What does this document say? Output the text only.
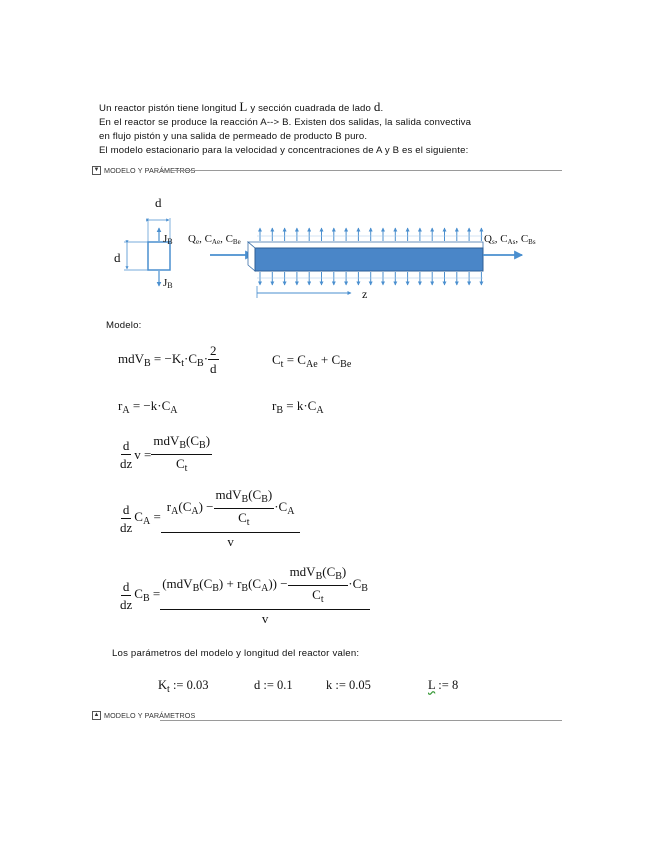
Un reactor pistón tiene longitud L y sección cuadrada de lado d.
En el reactor se produce la reacción A--> B. Existen dos salidas, la salida convectiva
en flujo pistón y una salida de permeado de producto B puro.
El modelo estacionario para la velocidad y concentraciones de A y B es el siguiente:
▼ MODELO Y PARÁMETROS
d
d
JB
JB
Qe, CAe, CBe	Qs, CAs, CBs
z
Modelo:
$mdV_B = -K_t\cdot C_B\cdot \frac{2}{d}$	$C_t = C_{Ae} + C_{Be}$
$r_A = -k\cdot C_A$	$r_B = k\cdot C_A$
$\frac{d}{dz}$ $v = \frac{mdV_B(C_B)}{C_t}$
$\frac{d}{dz} C_A = \frac{r_A(C_A) - \frac{mdV_B(C_B)}{C_t} \cdot C_A}{v}$
$\frac{d}{dz} C_B = \frac{(mdV_B(C_B) + r_B(C_A)) - \frac{mdV_B(C_B)}{C_t} \cdot C_B}{v}$
Los parámetros del modelo y longitud del reactor valen:
$K_t$ := 0.03	d := 0.1	k := 0.05	L := 8
▲ MODELO Y PARÁMETROS
